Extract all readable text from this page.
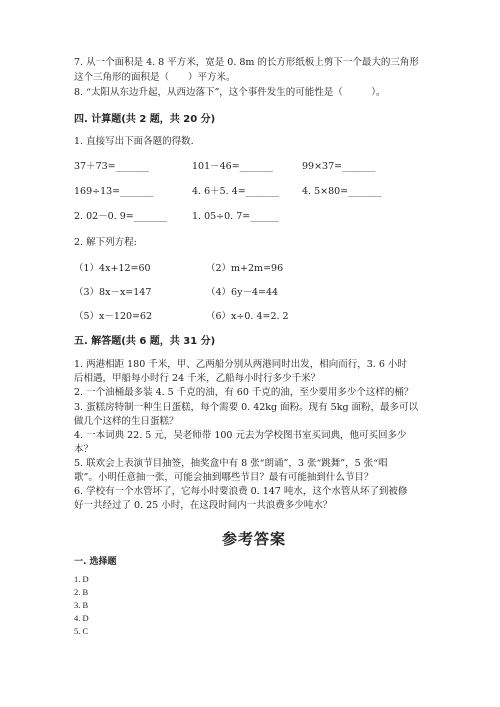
7. 从一个面积是 4. 8 平方米，宽是 0. 8m 的长方形纸板上剪下一个最大的三角形

这个三角形的面积是（　　）平方米。

8. “太阳从东边升起，从西边落下”，这个事件发生的可能性是（　　　）。

四. 计算题(共 2 题，共 20 分)

1. 直接写出下面各题的得数.

37＋73=_______	101－46=_______	99×37=_______
169÷13=_______	4. 6＋5. 4=_______	4. 5×80=_______
2. 02－0. 9=_______	1. 05÷0. 7=______

2. 解下列方程:

（1）4x+12=60	（2）m+2m=96
（3）8x－x=147	（4）6y－4=44
（5）x－120=62	（6）x÷0. 4=2. 2

五. 解答题(共 6 题，共 31 分)

1. 两港相距 180 千米，甲、乙两船分别从两港同时出发，相向而行，3. 6 小时

后相遇，甲船每小时行 24 千米，乙船每小时行多少千米？

2. 一个油桶最多装 4. 5 千克的油，有 60 千克的油，至少要用多少个这样的桶？

3. 蛋糕房特制一种生日蛋糕，每个需要 0. 42kg 面粉。现有 5kg 面粉，最多可以

做几个这样的生日蛋糕？

4. 一本词典 22. 5 元，吴老师带 100 元去为学校图书室买词典，他可买回多少

本？

5. 联欢会上表演节目抽签，抽奖盒中有 8 张“朗诵”，3 张“跳舞”，5 张“唱

歌”。小明任意抽一张，可能会抽到哪些节目？最有可能抽到什么节目？

6. 学校有一个水管坏了，它每小时要浪费 0. 147 吨水，这个水管从坏了到被修

好一共经过了 0. 25 小时，在这段时间内一共浪费多少吨水？

参考答案

一. 选择题

1. D

2. B

3. B

4. D

5. C
